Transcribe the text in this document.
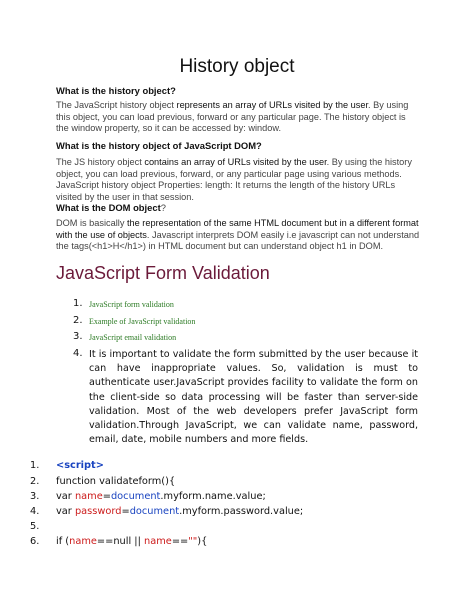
History object
What is the history object?
The JavaScript history object represents an array of URLs visited by the user. By using this object, you can load previous, forward or any particular page. The history object is the window property, so it can be accessed by: window.
What is the history object of JavaScript DOM?
The JS history object contains an array of URLs visited by the user. By using the history object, you can load previous, forward, or any particular page using various methods. JavaScript history object Properties: length: It returns the length of the history URLs visited by the user in that session.
What is the DOM object?
DOM is basically the representation of the same HTML document but in a different format with the use of objects. Javascript interprets DOM easily i.e javascript can not understand the tags(<h1>H</h1>) in HTML document but can understand object h1 in DOM.
JavaScript Form Validation
1. JavaScript form validation
2. Example of JavaScript validation
3. JavaScript email validation
4. It is important to validate the form submitted by the user because it can have inappropriate values. So, validation is must to authenticate user.JavaScript provides facility to validate the form on the client-side so data processing will be faster than server-side validation. Most of the web developers prefer JavaScript form validation.Through JavaScript, we can validate name, password, email, date, mobile numbers and more fields.
1. <script>
2. function validateform(){
3. var name=document.myform.name.value;
4. var password=document.myform.password.value;
5.
6. if (name==null || name==""){
